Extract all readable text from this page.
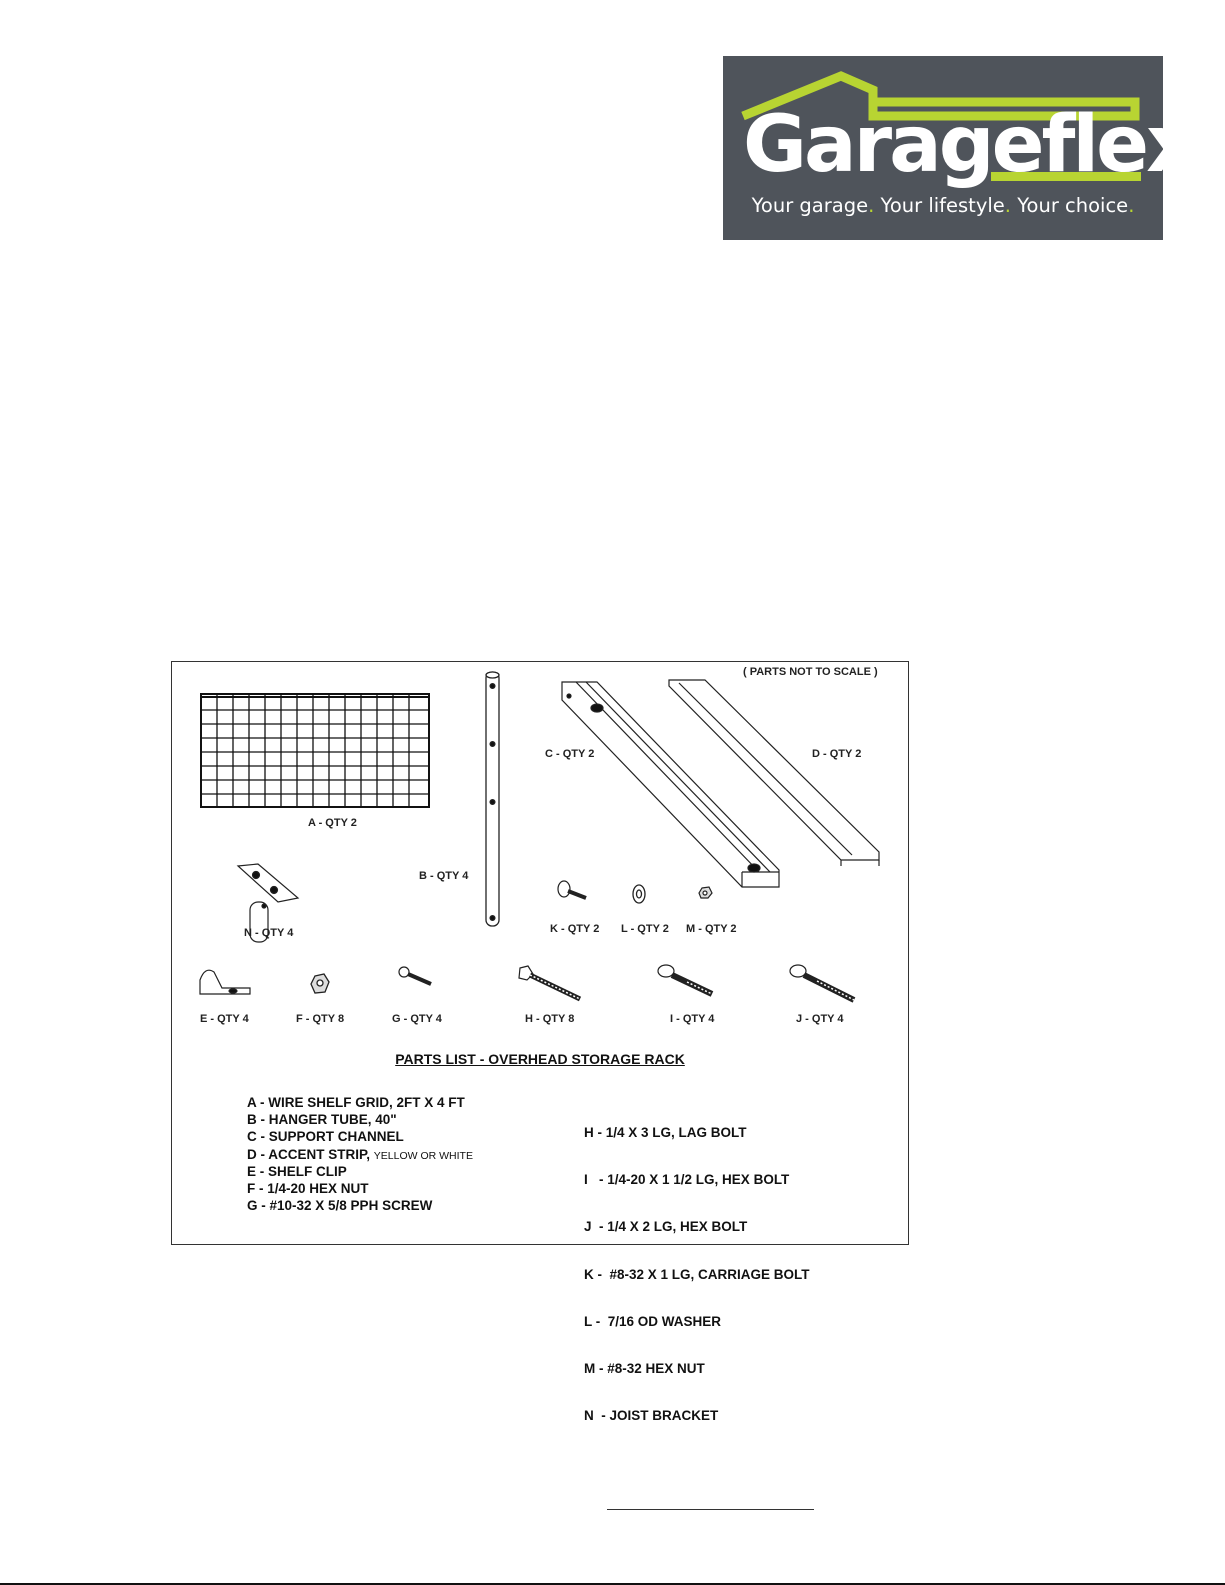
Garageflex
Your garage. Your lifestyle. Your choice.
( PARTS NOT TO SCALE )
A - QTY 2
B - QTY 4
C - QTY 2	D - QTY 2
N - QTY 4	K - QTY 2 L - QTY 2 M - QTY 2
E - QTY 4	F - QTY 8	G - QTY 4	H - QTY 8	I - QTY 4	J - QTY 4
PARTS LIST - OVERHEAD STORAGE RACK
A - WIRE SHELF GRID, 2FT X 4 FT
B - HANGER TUBE, 40"
C - SUPPORT CHANNEL
D - ACCENT STRIP, YELLOW OR WHITE
E - SHELF CLIP
F - 1/4-20 HEX NUT
G - #10-32 X 5/8 PPH SCREW

H - 1/4 X 3 LG, LAG BOLT

I   - 1/4-20 X 1 1/2 LG, HEX BOLT

J  - 1/4 X 2 LG, HEX BOLT

K -  #8-32 X 1 LG, CARRIAGE BOLT

L -  7/16 OD WASHER

M - #8-32 HEX NUT

N  - JOIST BRACKET
